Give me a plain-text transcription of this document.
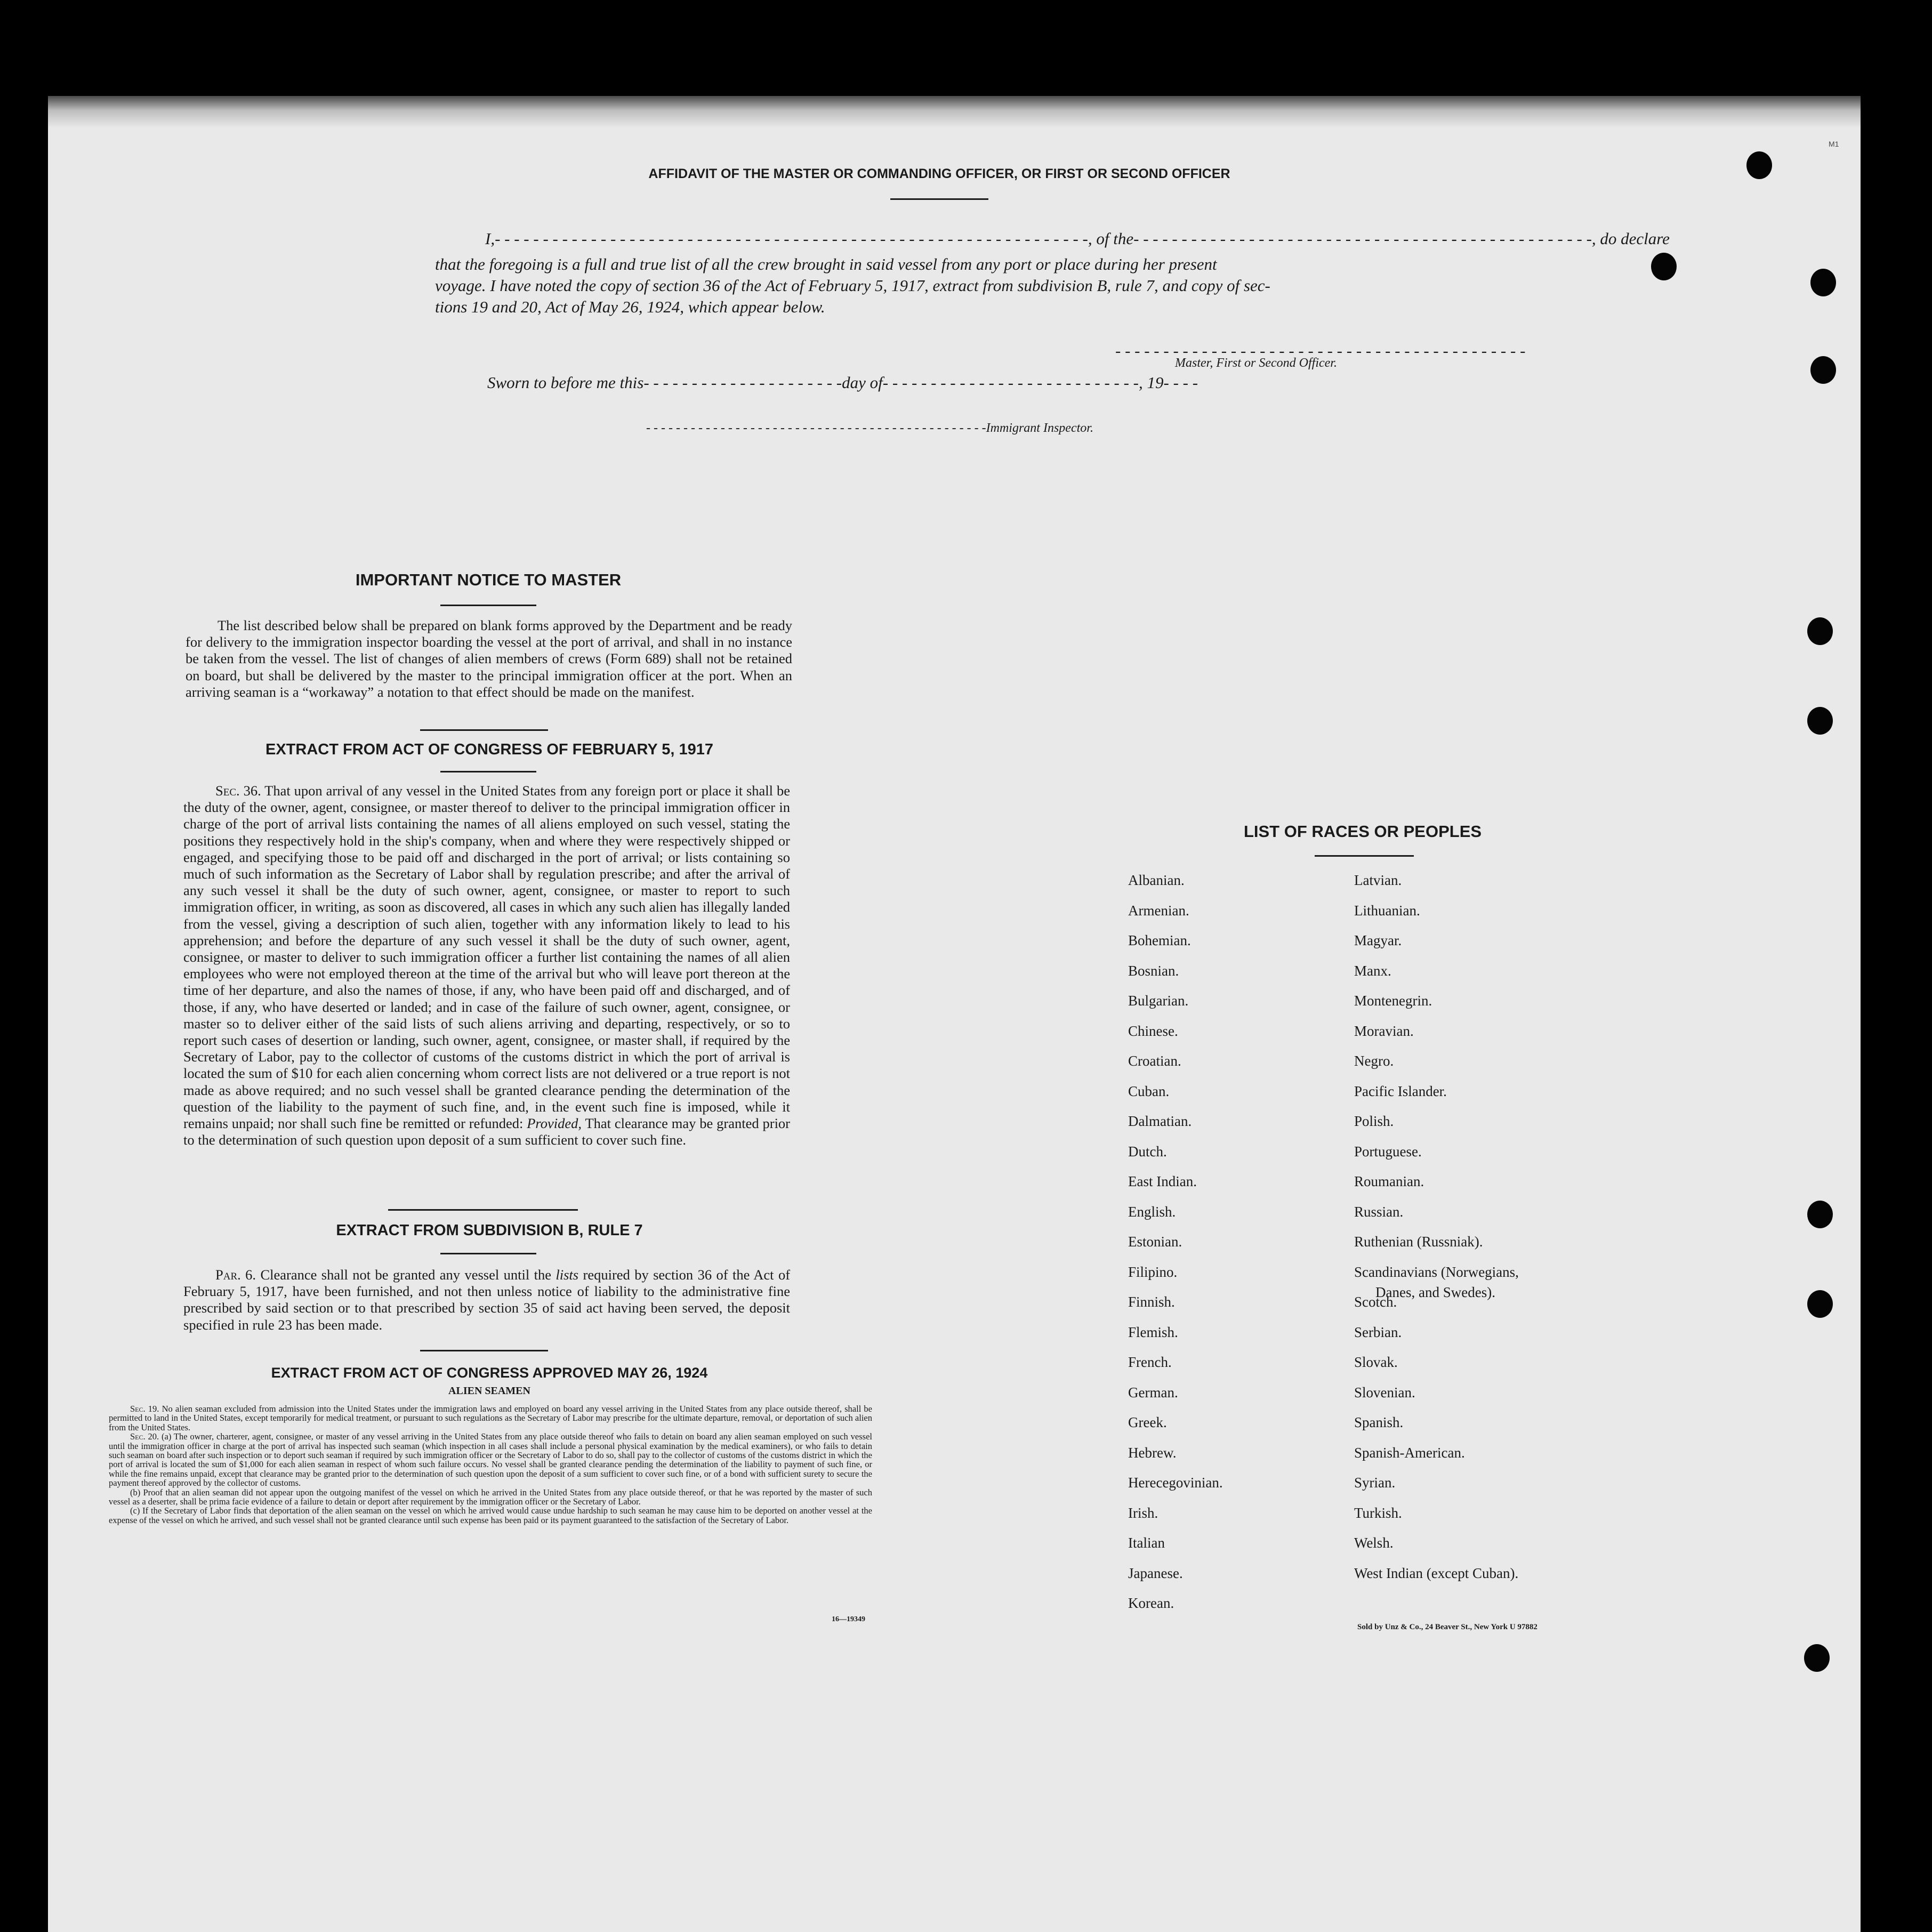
M1
AFFIDAVIT OF THE MASTER OR COMMANDING OFFICER, OR FIRST OR SECOND OFFICER
I,- - - - - - - - - - - - - - - - - - - - - - - - - - - - - - - - - - - - - - - - - - - - - - - - - - - - - - - - - - - - - -, of the- - - - - - - - - - - - - - - - - - - - - - - - - - - - - - - - - - - - - - - - - - - - - - - -, do declare
that the foregoing is a full and true list of all the crew brought in said vessel from any port or place during her present
voyage. I have noted the copy of section 36 of the Act of February 5, 1917, extract from subdivision B, rule 7, and copy of sec-
tions 19 and 20, Act of May 26, 1924, which appear below.
- - - - - - - - - - - - - - - - - - - - - - - - - - - - - - - - - - - - - - - - - - -
Master, First or Second Officer.
Sworn to before me this- - - - - - - - - - - - - - - - - - - - -day of- - - - - - - - - - - - - - - - - - - - - - - - - - -, 19- - - -
- - - - - - - - - - - - - - - - - - - - - - - - - - - - - - - - - - - - - - - - - - - - - -Immigrant Inspector.
IMPORTANT NOTICE TO MASTER
The list described below shall be prepared on blank forms approved by the Department and be ready for delivery to the immigration inspector boarding the vessel at the port of arrival, and shall in no instance be taken from the vessel. The list of changes of alien members of crews (Form 689) shall not be retained on board, but shall be delivered by the master to the principal immigration officer at the port. When an arriving seaman is a “workaway” a notation to that effect should be made on the manifest.
EXTRACT FROM ACT OF CONGRESS OF FEBRUARY 5, 1917
Sec. 36. That upon arrival of any vessel in the United States from any foreign port or place it shall be the duty of the owner, agent, consignee, or master thereof to deliver to the principal immigration officer in charge of the port of arrival lists containing the names of all aliens employed on such vessel, stating the positions they respectively hold in the ship's company, when and where they were respectively shipped or engaged, and specifying those to be paid off and discharged in the port of arrival; or lists containing so much of such information as the Secretary of Labor shall by regulation prescribe; and after the arrival of any such vessel it shall be the duty of such owner, agent, consignee, or master to report to such immigration officer, in writing, as soon as discovered, all cases in which any such alien has illegally landed from the vessel, giving a description of such alien, together with any information likely to lead to his apprehension; and before the departure of any such vessel it shall be the duty of such owner, agent, consignee, or master to deliver to such immigration officer a further list containing the names of all alien employees who were not employed thereon at the time of the arrival but who will leave port thereon at the time of her departure, and also the names of those, if any, who have been paid off and discharged, and of those, if any, who have deserted or landed; and in case of the failure of such owner, agent, consignee, or master so to deliver either of the said lists of such aliens arriving and departing, respectively, or so to report such cases of desertion or landing, such owner, agent, consignee, or master shall, if required by the Secretary of Labor, pay to the collector of customs of the customs district in which the port of arrival is located the sum of $10 for each alien concerning whom correct lists are not delivered or a true report is not made as above required; and no such vessel shall be granted clearance pending the determination of the question of the liability to the payment of such fine, and, in the event such fine is imposed, while it remains unpaid; nor shall such fine be remitted or refunded: Provided, That clearance may be granted prior to the determination of such question upon deposit of a sum sufficient to cover such fine.
EXTRACT FROM SUBDIVISION B, RULE 7
Par. 6. Clearance shall not be granted any vessel until the lists required by section 36 of the Act of February 5, 1917, have been furnished, and not then unless notice of liability to the administrative fine prescribed by said section or to that prescribed by section 35 of said act having been served, the deposit specified in rule 23 has been made.
EXTRACT FROM ACT OF CONGRESS APPROVED MAY 26, 1924
ALIEN SEAMEN

Sec. 19. No alien seaman excluded from admission into the United States under the immigration laws and employed on board any vessel arriving in the United States from any place outside thereof, shall be permitted to land in the United States, except temporarily for medical treatment, or pursuant to such regulations as the Secretary of Labor may prescribe for the ultimate departure, removal, or deportation of such alien from the United States.

Sec. 20. (a) The owner, charterer, agent, consignee, or master of any vessel arriving in the United States from any place outside thereof who fails to detain on board any alien seaman employed on such vessel until the immigration officer in charge at the port of arrival has inspected such seaman (which inspection in all cases shall include a personal physical examination by the medical examiners), or who fails to detain such seaman on board after such inspection or to deport such seaman if required by such immigration officer or the Secretary of Labor to do so, shall pay to the collector of customs of the customs district in which the port of arrival is located the sum of $1,000 for each alien seaman in respect of whom such failure occurs. No vessel shall be granted clearance pending the determination of the liability to payment of such fine, or while the fine remains unpaid, except that clearance may be granted prior to the determination of such question upon the deposit of a sum sufficient to cover such fine, or of a bond with sufficient surety to secure the payment thereof approved by the collector of customs.

(b) Proof that an alien seaman did not appear upon the outgoing manifest of the vessel on which he arrived in the United States from any place outside thereof, or that he was reported by the master of such vessel as a deserter, shall be prima facie evidence of a failure to detain or deport after requirement by the immigration officer or the Secretary of Labor.

(c) If the Secretary of Labor finds that deportation of the alien seaman on the vessel on which he arrived would cause undue hardship to such seaman he may cause him to be deported on another vessel at the expense of the vessel on which he arrived, and such vessel shall not be granted clearance until such expense has been paid or its payment guaranteed to the satisfaction of the Secretary of Labor.

16—19349
LIST OF RACES OR PEOPLES
Albanian.
Armenian.
Bohemian.
Bosnian.
Bulgarian.
Chinese.
Croatian.
Cuban.
Dalmatian.
Dutch.
East Indian.
English.
Estonian.
Filipino.
Finnish.
Flemish.
French.
German.
Greek.
Hebrew.
Herecegovinian.
Irish.
Italian
Japanese.
Korean.
Latvian.
Lithuanian.
Magyar.
Manx.
Montenegrin.
Moravian.
Negro.
Pacific Islander.
Polish.
Portuguese.
Roumanian.
Russian.
Ruthenian (Russniak).
Scandinavians (Norwegians,
Danes, and Swedes).
Scotch.
Serbian.
Slovak.
Slovenian.
Spanish.
Spanish-American.
Syrian.
Turkish.
Welsh.
West Indian (except Cuban).
Sold by Unz & Co., 24 Beaver St., New York U 97882
